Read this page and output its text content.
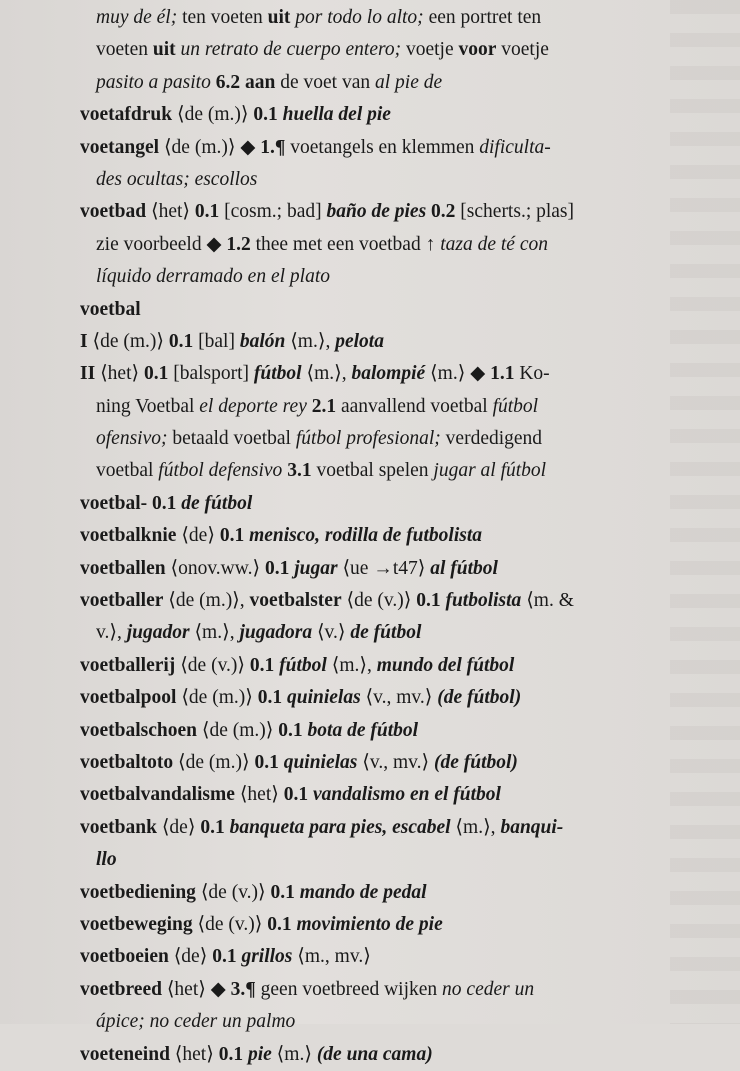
muy de él; ten voeten uit por todo lo alto; een portret ten
voeten uit un retrato de cuerpo entero; voetje voor voetje
pasito a pasito 6.2 aan de voet van al pie de
voetafdruk ⟨de (m.)⟩ 0.1 huella del pie
voetangel ⟨de (m.)⟩ ◆ 1.¶ voetangels en klemmen dificulta-
des ocultas; escollos
voetbad ⟨het⟩ 0.1 [cosm.; bad] baño de pies 0.2 [scherts.; plas]
zie voorbeeld ◆ 1.2 thee met een voetbad ↑ taza de té con
líquido derramado en el plato
voetbal
I ⟨de (m.)⟩ 0.1 [bal] balón ⟨m.⟩, pelota
II ⟨het⟩ 0.1 [balsport] fútbol ⟨m.⟩, balompié ⟨m.⟩ ◆ 1.1 Ko-
ning Voetbal el deporte rey 2.1 aanvallend voetbal fútbol
ofensivo; betaald voetbal fútbol profesional; verdedigend
voetbal fútbol defensivo 3.1 voetbal spelen jugar al fútbol
voetbal- 0.1 de fútbol
voetbalknie ⟨de⟩ 0.1 menisco, rodilla de futbolista
voetballen ⟨onov.ww.⟩ 0.1 jugar ⟨ue →t47⟩ al fútbol
voetballer ⟨de (m.)⟩, voetbalster ⟨de (v.)⟩ 0.1 futbolista ⟨m. &
v.⟩, jugador ⟨m.⟩, jugadora ⟨v.⟩ de fútbol
voetballerij ⟨de (v.)⟩ 0.1 fútbol ⟨m.⟩, mundo del fútbol
voetbalpool ⟨de (m.)⟩ 0.1 quinielas ⟨v., mv.⟩ (de fútbol)
voetbalschoen ⟨de (m.)⟩ 0.1 bota de fútbol
voetbaltoto ⟨de (m.)⟩ 0.1 quinielas ⟨v., mv.⟩ (de fútbol)
voetbalvandalisme ⟨het⟩ 0.1 vandalismo en el fútbol
voetbank ⟨de⟩ 0.1 banqueta para pies, escabel ⟨m.⟩, banqui-
llo
voetbediening ⟨de (v.)⟩ 0.1 mando de pedal
voetbeweging ⟨de (v.)⟩ 0.1 movimiento de pie
voetboeien ⟨de⟩ 0.1 grillos ⟨m., mv.⟩
voetbreed ⟨het⟩ ◆ 3.¶ geen voetbreed wijken no ceder un
ápice; no ceder un palmo
voeteneind ⟨het⟩ 0.1 pie ⟨m.⟩ (de una cama)
